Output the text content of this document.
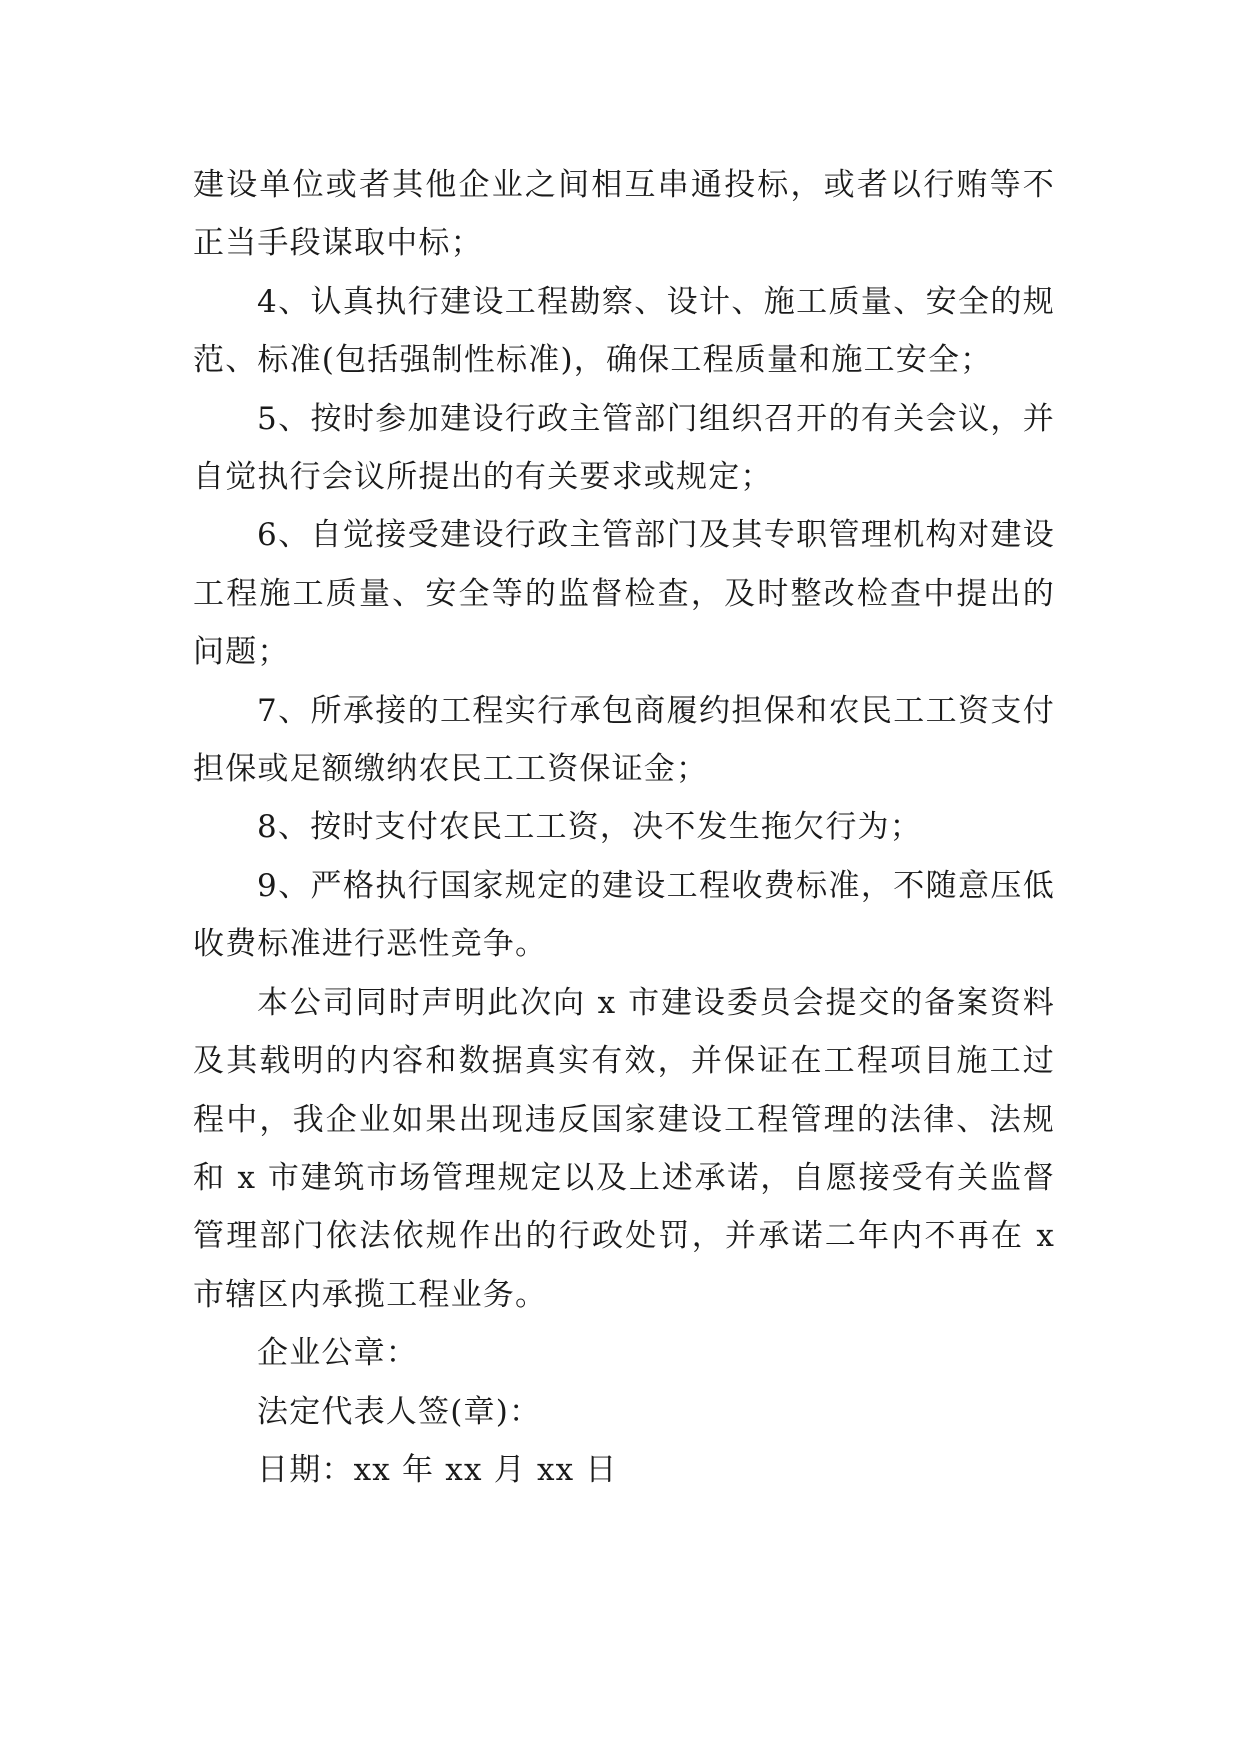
建设单位或者其他企业之间相互串通投标，或者以行贿等不正当手段谋取中标；

4、认真执行建设工程勘察、设计、施工质量、安全的规范、标准(包括强制性标准)，确保工程质量和施工安全；

5、按时参加建设行政主管部门组织召开的有关会议，并自觉执行会议所提出的有关要求或规定；

6、自觉接受建设行政主管部门及其专职管理机构对建设工程施工质量、安全等的监督检查，及时整改检查中提出的问题；

7、所承接的工程实行承包商履约担保和农民工工资支付担保或足额缴纳农民工工资保证金；

8、按时支付农民工工资，决不发生拖欠行为；

9、严格执行国家规定的建设工程收费标准，不随意压低收费标准进行恶性竞争。

本公司同时声明此次向 x 市建设委员会提交的备案资料及其载明的内容和数据真实有效，并保证在工程项目施工过程中，我企业如果出现违反国家建设工程管理的法律、法规和 x 市建筑市场管理规定以及上述承诺，自愿接受有关监督管理部门依法依规作出的行政处罚，并承诺二年内不再在 x 市辖区内承揽工程业务。

企业公章：

法定代表人签(章)：

日期：xx 年 xx 月 xx 日
